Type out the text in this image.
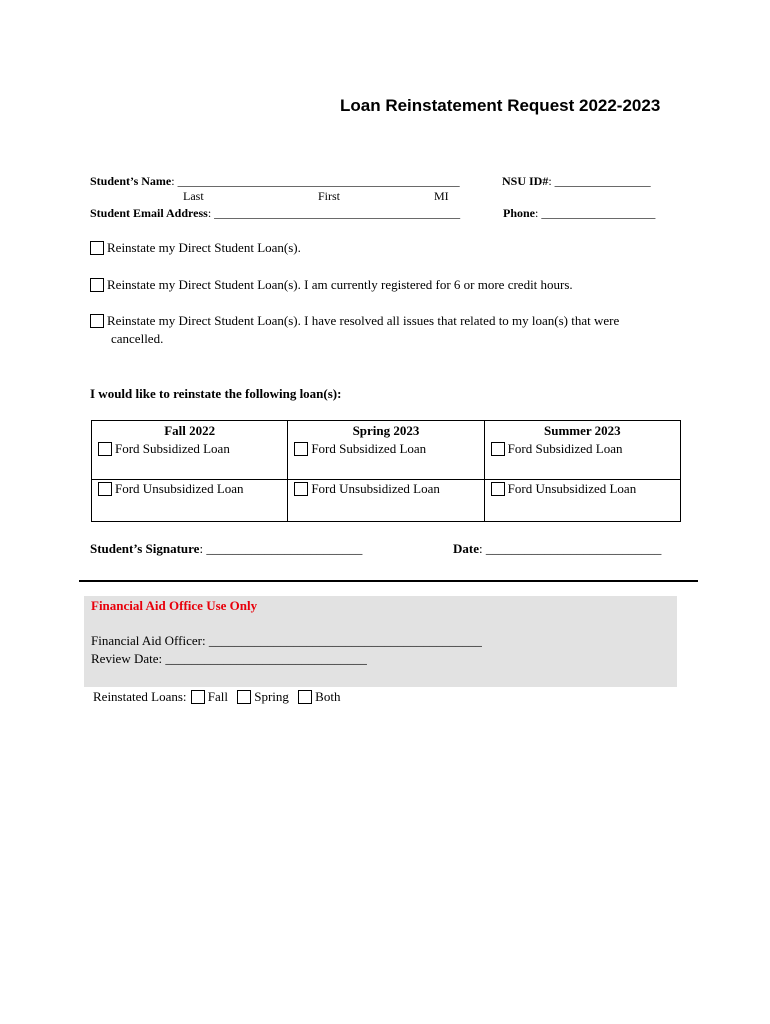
Loan Reinstatement Request 2022-2023
Student’s Name: _______________________________________________	NSU ID#: ________________
Last	First	MI
Student Email Address: _________________________________________	Phone: ___________________
Reinstate my Direct Student Loan(s).
Reinstate my Direct Student Loan(s). I am currently registered for 6 or more credit hours.
Reinstate my Direct Student Loan(s). I have resolved all issues that related to my loan(s) that were
cancelled.
I would like to reinstate the following loan(s):
Fall 2022	Spring 2023	Summer 2023
Ford Subsidized Loan	Ford Subsidized Loan	Ford Subsidized Loan
Ford Unsubsidized Loan	Ford Unsubsidized Loan	Ford Unsubsidized Loan
Student’s Signature: ________________________	Date: ___________________________
Financial Aid Office Use Only
Financial Aid Officer: __________________________________________
Review Date: _______________________________
Reinstated Loans: Fall Spring Both
